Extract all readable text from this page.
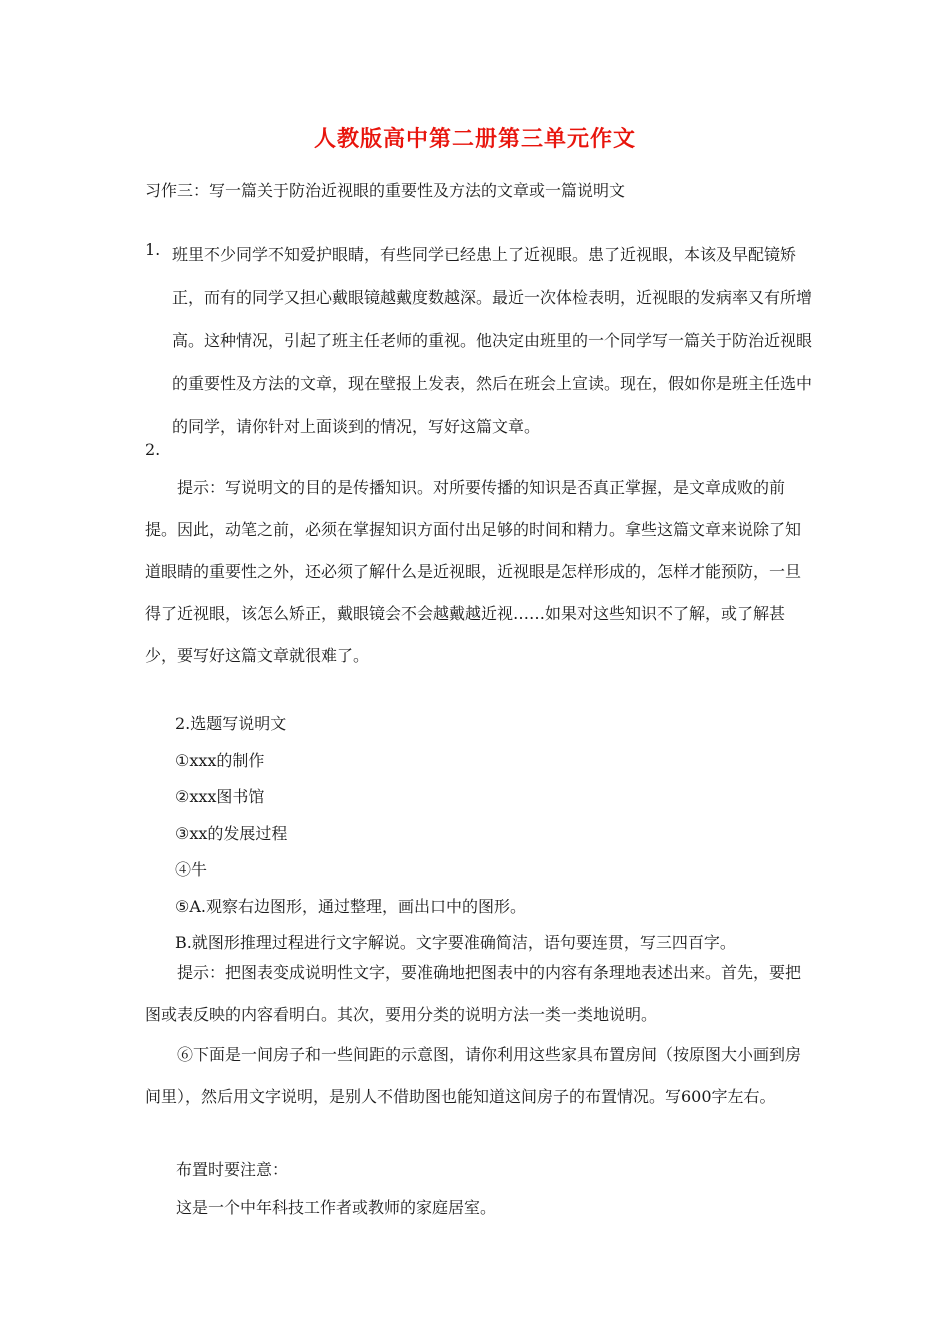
人教版高中第二册第三单元作文
习作三：写一篇关于防治近视眼的重要性及方法的文章或一篇说明文
1. 班里不少同学不知爱护眼睛，有些同学已经患上了近视眼。患了近视眼，本该及早配镜矫正，而有的同学又担心戴眼镜越戴度数越深。最近一次体检表明，近视眼的发病率又有所增高。这种情况，引起了班主任老师的重视。他决定由班里的一个同学写一篇关于防治近视眼的重要性及方法的文章，现在壁报上发表，然后在班会上宣读。现在，假如你是班主任选中的同学，请你针对上面谈到的情况，写好这篇文章。
2.
提示：写说明文的目的是传播知识。对所要传播的知识是否真正掌握，是文章成败的前提。因此，动笔之前，必须在掌握知识方面付出足够的时间和精力。拿些这篇文章来说除了知道眼睛的重要性之外，还必须了解什么是近视眼，近视眼是怎样形成的，怎样才能预防，一旦得了近视眼，该怎么矫正，戴眼镜会不会越戴越近视……如果对这些知识不了解，或了解甚少，要写好这篇文章就很难了。
2.选题写说明文
①xxx的制作
②xxx图书馆
③xx的发展过程
④牛
⑤A.观察右边图形，通过整理，画出口中的图形。
B.就图形推理过程进行文字解说。文字要准确简洁，语句要连贯，写三四百字。
提示：把图表变成说明性文字，要准确地把图表中的内容有条理地表述出来。首先，要把图或表反映的内容看明白。其次，要用分类的说明方法一类一类地说明。
⑥下面是一间房子和一些间距的示意图，请你利用这些家具布置房间（按原图大小画到房间里），然后用文字说明，是别人不借助图也能知道这间房子的布置情况。写600字左右。
布置时要注意：
这是一个中年科技工作者或教师的家庭居室。
